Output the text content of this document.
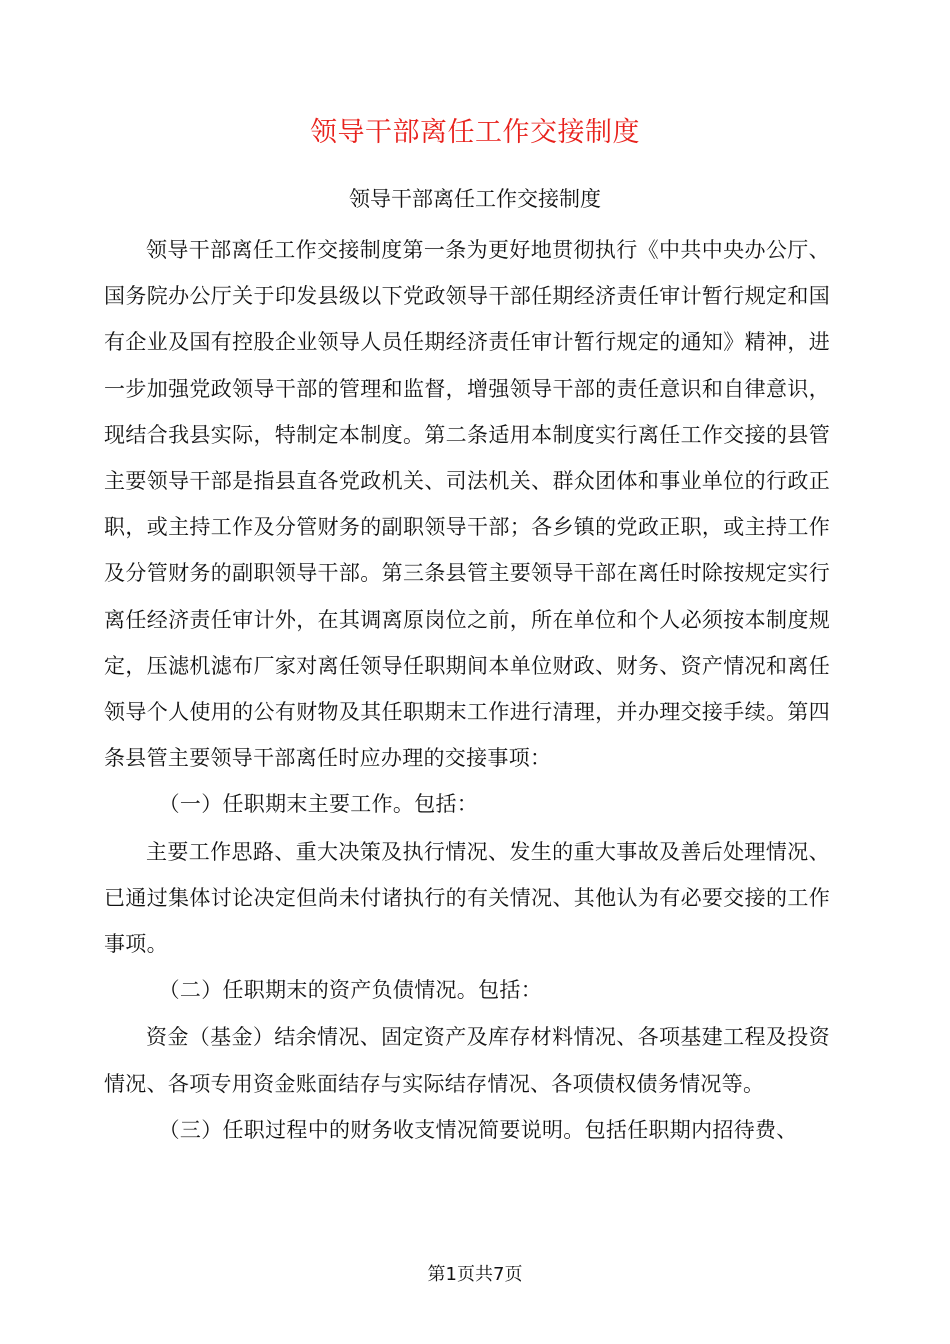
领导干部离任工作交接制度
领导干部离任工作交接制度

领导干部离任工作交接制度第一条为更好地贯彻执行《中共中央办公厅、国务院办公厅关于印发县级以下党政领导干部任期经济责任审计暂行规定和国有企业及国有控股企业领导人员任期经济责任审计暂行规定的通知》精神，进一步加强党政领导干部的管理和监督，增强领导干部的责任意识和自律意识，现结合我县实际，特制定本制度。第二条适用本制度实行离任工作交接的县管主要领导干部是指县直各党政机关、司法机关、群众团体和事业单位的行政正职，或主持工作及分管财务的副职领导干部；各乡镇的党政正职，或主持工作及分管财务的副职领导干部。第三条县管主要领导干部在离任时除按规定实行离任经济责任审计外，在其调离原岗位之前，所在单位和个人必须按本制度规定，压滤机滤布厂家对离任领导任职期间本单位财政、财务、资产情况和离任领导个人使用的公有财物及其任职期末工作进行清理，并办理交接手续。第四条县管主要领导干部离任时应办理的交接事项：

（一）任职期末主要工作。包括：

主要工作思路、重大决策及执行情况、发生的重大事故及善后处理情况、已通过集体讨论决定但尚未付诸执行的有关情况、其他认为有必要交接的工作事项。

（二）任职期末的资产负债情况。包括：

资金（基金）结余情况、固定资产及库存材料情况、各项基建工程及投资情况、各项专用资金账面结存与实际结存情况、各项债权债务情况等。

（三）任职过程中的财务收支情况简要说明。包括任职期内招待费、

第1页共7页
